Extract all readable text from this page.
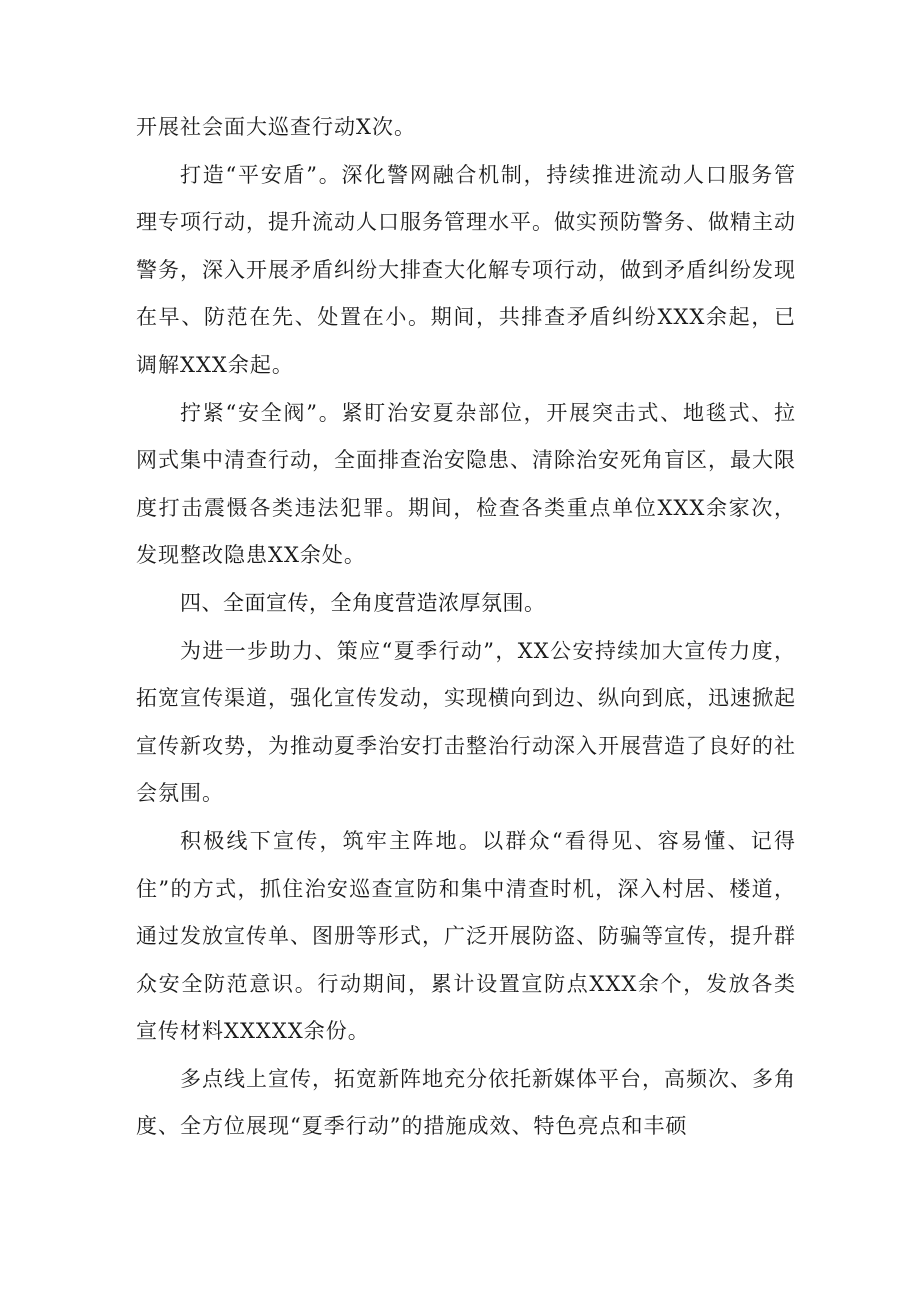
开展社会面大巡查行动X次。

打造“平安盾”。深化警网融合机制，持续推进流动人口服务管理专项行动，提升流动人口服务管理水平。做实预防警务、做精主动警务，深入开展矛盾纠纷大排查大化解专项行动，做到矛盾纠纷发现在早、防范在先、处置在小。期间，共排查矛盾纠纷XXX余起，已调解XXX余起。

拧紧“安全阀”。紧盯治安夏杂部位，开展突击式、地毯式、拉网式集中清查行动，全面排查治安隐患、清除治安死角盲区，最大限度打击震慑各类违法犯罪。期间，检查各类重点单位XXX余家次，发现整改隐患XX余处。

四、全面宣传，全角度营造浓厚氛围。

为进一步助力、策应“夏季行动”，XX公安持续加大宣传力度，拓宽宣传渠道，强化宣传发动，实现横向到边、纵向到底，迅速掀起宣传新攻势，为推动夏季治安打击整治行动深入开展营造了良好的社会氛围。

积极线下宣传，筑牢主阵地。以群众“看得见、容易懂、记得住”的方式，抓住治安巡查宣防和集中清查时机，深入村居、楼道，通过发放宣传单、图册等形式，广泛开展防盗、防骗等宣传，提升群众安全防范意识。行动期间，累计设置宣防点XXX余个，发放各类宣传材料XXXXX余份。

多点线上宣传，拓宽新阵地充分依托新媒体平台，高频次、多角度、全方位展现“夏季行动”的措施成效、特色亮点和丰硕
